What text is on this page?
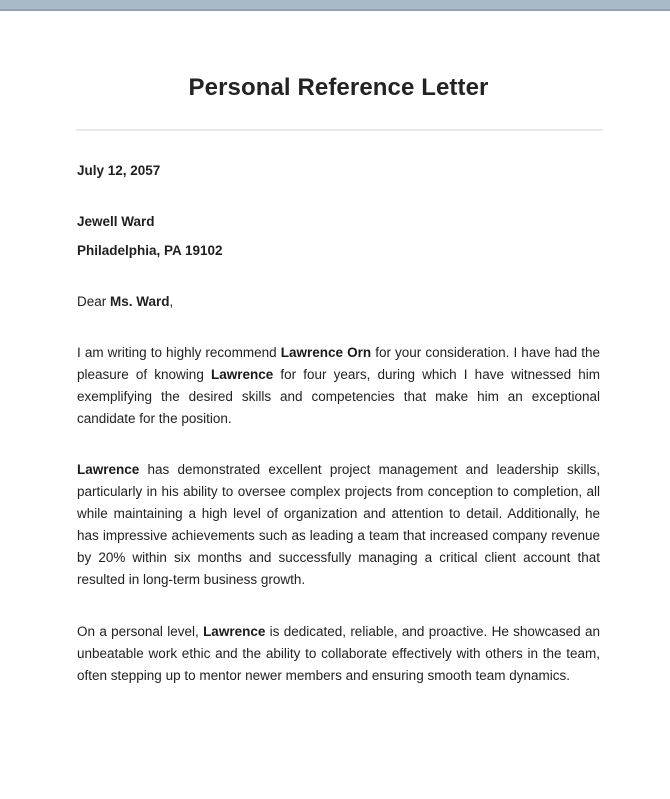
Personal Reference Letter
July 12, 2057
Jewell Ward
Philadelphia, PA 19102
Dear Ms. Ward,

I am writing to highly recommend Lawrence Orn for your consideration. I have had the pleasure of knowing Lawrence for four years, during which I have witnessed him exemplifying the desired skills and competencies that make him an exceptional candidate for the position.

Lawrence has demonstrated excellent project management and leadership skills, particularly in his ability to oversee complex projects from conception to completion, all while maintaining a high level of organization and attention to detail. Additionally, he has impressive achievements such as leading a team that increased company revenue by 20% within six months and successfully managing a critical client account that resulted in long-term business growth.

On a personal level, Lawrence is dedicated, reliable, and proactive. He showcased an unbeatable work ethic and the ability to collaborate effectively with others in the team, often stepping up to mentor newer members and ensuring smooth team dynamics.
